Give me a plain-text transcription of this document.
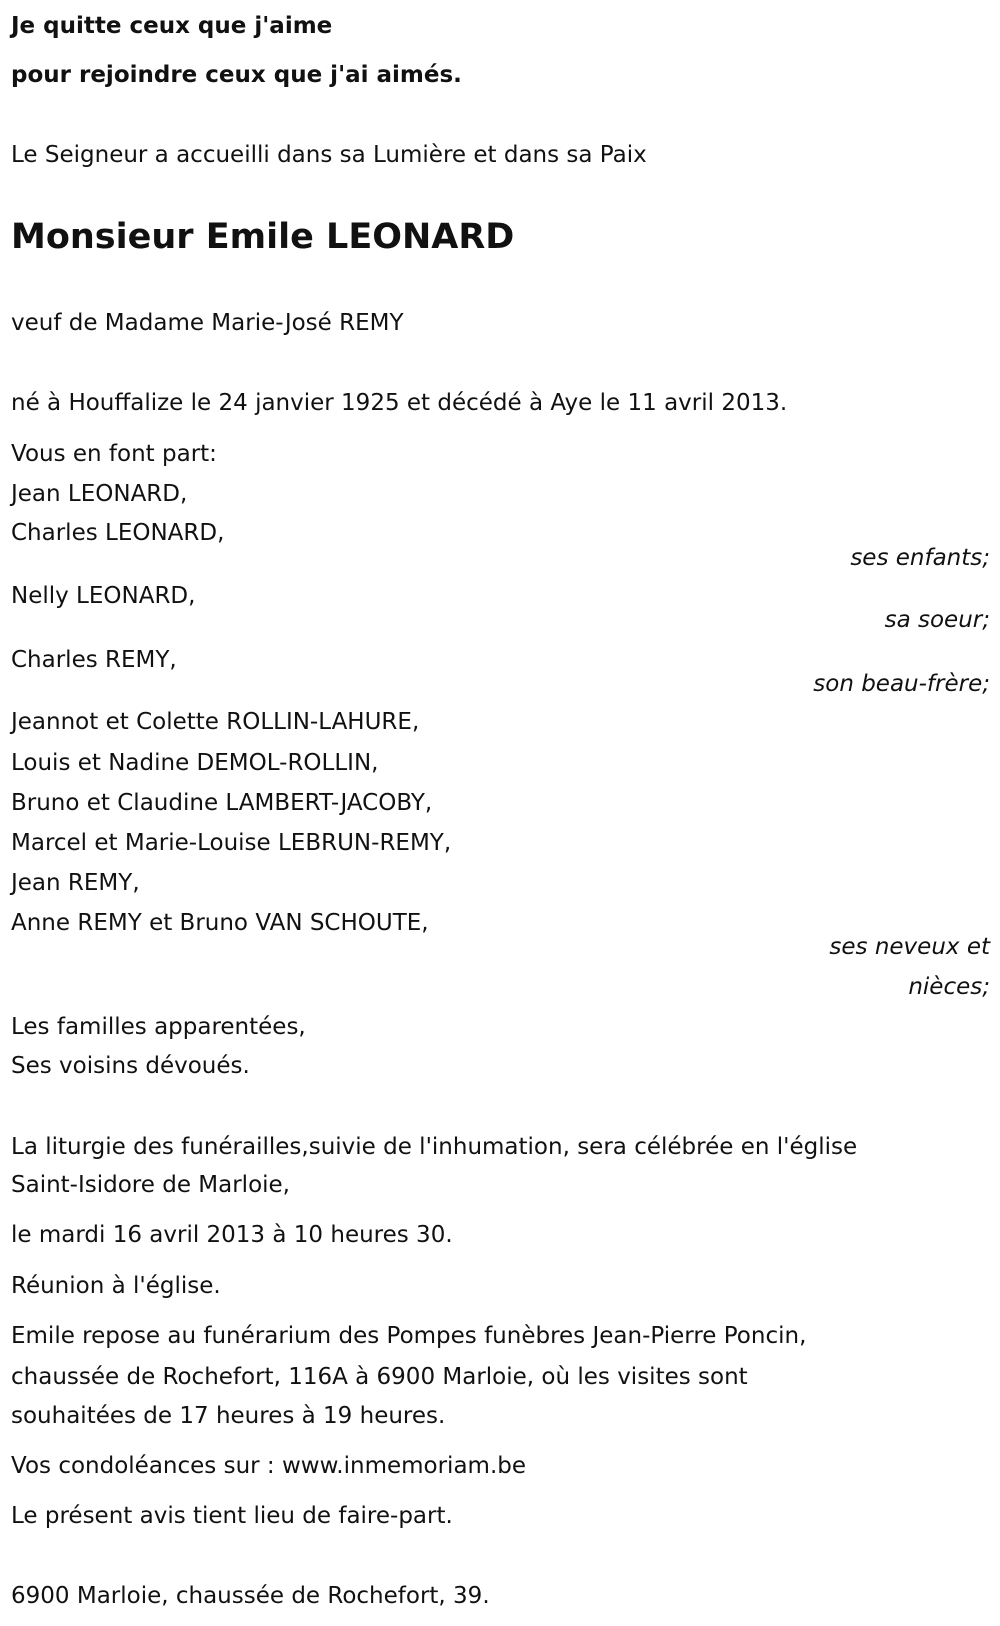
Je quitte ceux que j'aime
pour rejoindre ceux que j'ai aimés.
Le Seigneur a accueilli dans sa Lumière et dans sa Paix
Monsieur Emile LEONARD
veuf de Madame Marie-José REMY
né à Houffalize le 24 janvier 1925 et décédé à Aye le 11 avril 2013.
Vous en font part:
Jean LEONARD,
Charles LEONARD,
ses enfants;
Nelly LEONARD,
sa soeur;
Charles REMY,
son beau-frère;
Jeannot et Colette ROLLIN-LAHURE,
Louis et Nadine DEMOL-ROLLIN,
Bruno et Claudine LAMBERT-JACOBY,
Marcel et Marie-Louise LEBRUN-REMY,
Jean REMY,
Anne REMY et Bruno VAN SCHOUTE,
ses neveux et
nièces;
Les familles apparentées,
Ses voisins dévoués.
La liturgie des funérailles,suivie de l'inhumation, sera célébrée en l'église
Saint-Isidore de Marloie,
le mardi 16 avril 2013 à 10 heures 30.
Réunion à l'église.
Emile repose au funérarium des Pompes funèbres Jean-Pierre Poncin,
chaussée de Rochefort, 116A à 6900 Marloie, où les visites sont
souhaitées de 17 heures à 19 heures.
Vos condoléances sur : www.inmemoriam.be
Le présent avis tient lieu de faire-part.
6900 Marloie, chaussée de Rochefort, 39.
